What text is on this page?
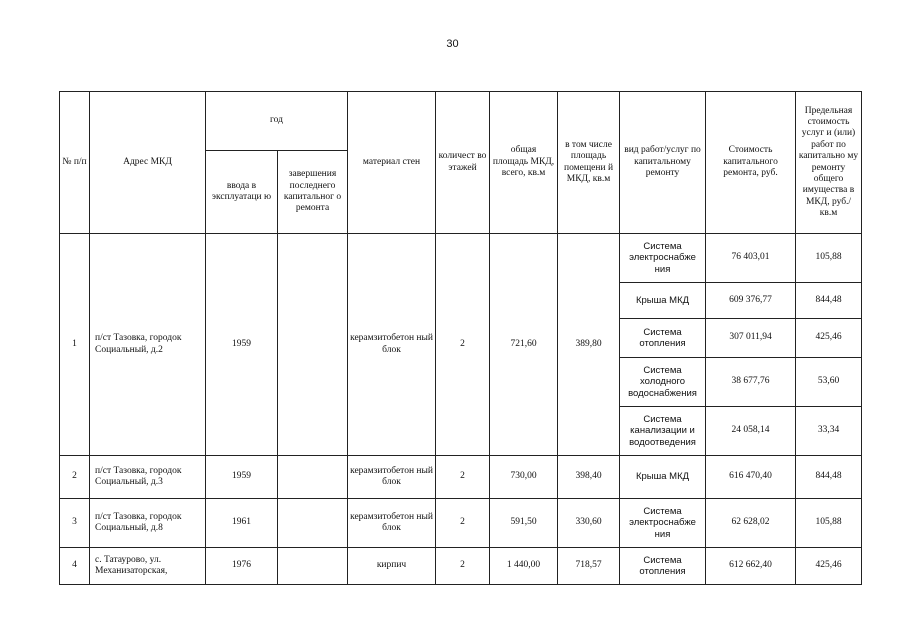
30
№ п/п	Адрес МКД	год		материал стен	количест во этажей	общая площадь МКД, всего, кв.м	в том числе площадь помещени й МКД, кв.м	вид работ/услуг по капитальному ремонту	Стоимость капитального ремонта, руб.	Предельная стоимость услуг и (или) работ по капитально му ремонту общего имущества в МКД, руб./кв.м
		ввода в эксплуатаци ю	завершения последнего капитальног о ремонта							
1	п/ст Тазовка, городок Социальный, д.2	1959		керамзитобетон ный блок	2	721,60	389,80	Система электроснабже ния	76 403,01	105,88
								Крыша МКД	609 376,77	844,48
								Система отопления	307 011,94	425,46
								Система холодного водоснабжения	38 677,76	53,60
								Система канализации и водоотведения	24 058,14	33,34
2	п/ст Тазовка, городок Социальный, д.3	1959		керамзитобетон ный блок	2	730,00	398,40	Крыша МКД	616 470,40	844,48
3	п/ст Тазовка, городок Социальный, д.8	1961		керамзитобетон ный блок	2	591,50	330,60	Система электроснабже ния	62 628,02	105,88
4	с. Татаурово, ул. Механизаторская,	1976		кирпич	2	1 440,00	718,57	Система отопления	612 662,40	425,46
